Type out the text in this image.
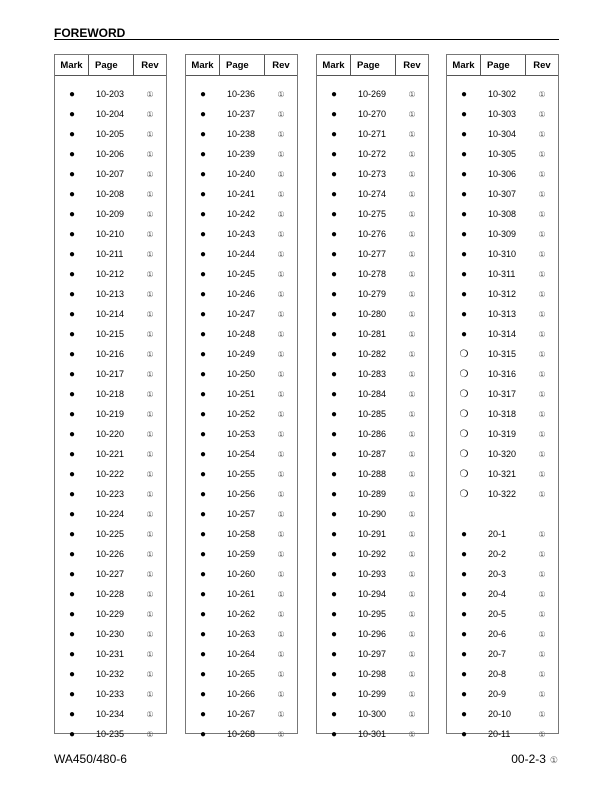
FOREWORD
Mark	Page	Rev
●	10-203	①
●	10-204	①
●	10-205	①
●	10-206	①
●	10-207	①
●	10-208	①
●	10-209	①
●	10-210	①
●	10-211	①
●	10-212	①
●	10-213	①
●	10-214	①
●	10-215	①
●	10-216	①
●	10-217	①
●	10-218	①
●	10-219	①
●	10-220	①
●	10-221	①
●	10-222	①
●	10-223	①
●	10-224	①
●	10-225	①
●	10-226	①
●	10-227	①
●	10-228	①
●	10-229	①
●	10-230	①
●	10-231	①
●	10-232	①
●	10-233	①
●	10-234	①
●	10-235	①
Mark	Page	Rev
●	10-236	①
●	10-237	①
●	10-238	①
●	10-239	①
●	10-240	①
●	10-241	①
●	10-242	①
●	10-243	①
●	10-244	①
●	10-245	①
●	10-246	①
●	10-247	①
●	10-248	①
●	10-249	①
●	10-250	①
●	10-251	①
●	10-252	①
●	10-253	①
●	10-254	①
●	10-255	①
●	10-256	①
●	10-257	①
●	10-258	①
●	10-259	①
●	10-260	①
●	10-261	①
●	10-262	①
●	10-263	①
●	10-264	①
●	10-265	①
●	10-266	①
●	10-267	①
●	10-268	①
Mark	Page	Rev
●	10-269	①
●	10-270	①
●	10-271	①
●	10-272	①
●	10-273	①
●	10-274	①
●	10-275	①
●	10-276	①
●	10-277	①
●	10-278	①
●	10-279	①
●	10-280	①
●	10-281	①
●	10-282	①
●	10-283	①
●	10-284	①
●	10-285	①
●	10-286	①
●	10-287	①
●	10-288	①
●	10-289	①
●	10-290	①
●	10-291	①
●	10-292	①
●	10-293	①
●	10-294	①
●	10-295	①
●	10-296	①
●	10-297	①
●	10-298	①
●	10-299	①
●	10-300	①
●	10-301	①
Mark	Page	Rev
●	10-302	①
●	10-303	①
●	10-304	①
●	10-305	①
●	10-306	①
●	10-307	①
●	10-308	①
●	10-309	①
●	10-310	①
●	10-311	①
●	10-312	①
●	10-313	①
●	10-314	①
❍	10-315	①
❍	10-316	①
❍	10-317	①
❍	10-318	①
❍	10-319	①
❍	10-320	①
❍	10-321	①
❍	10-322	①
●	20-1	①
●	20-2	①
●	20-3	①
●	20-4	①
●	20-5	①
●	20-6	①
●	20-7	①
●	20-8	①
●	20-9	①
●	20-10	①
●	20-11	①
WA450/480-6	00-2-3 ①
